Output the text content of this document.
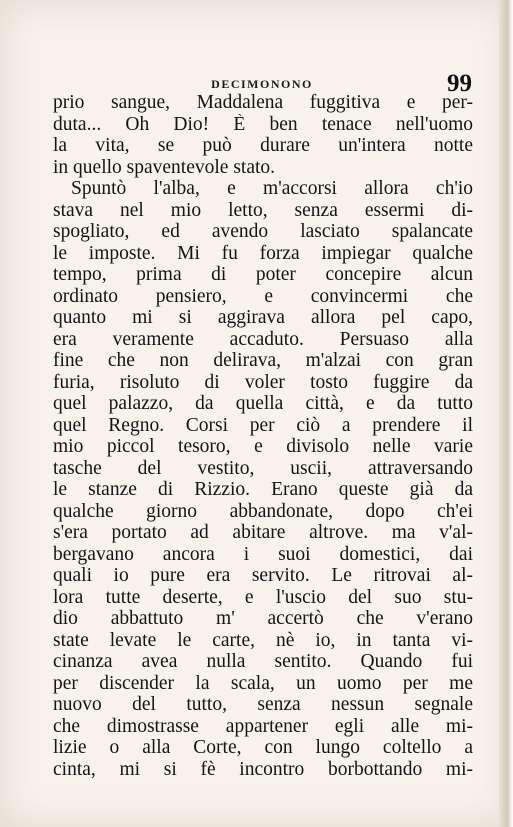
DECIMONONO	99
prio sangue, Maddalena fuggitiva e per-
duta... Oh Dio! È ben tenace nell'uomo
la vita, se può durare un'intera notte
in quello spaventevole stato.
Spuntò l'alba, e m'accorsi allora ch'io
stava nel mio letto, senza essermi di-
spogliato, ed avendo lasciato spalancate
le imposte. Mi fu forza impiegar qualche
tempo, prima di poter concepire alcun
ordinato pensiero, e convincermi che
quanto mi si aggirava allora pel capo,
era veramente accaduto. Persuaso alla
fine che non delirava, m'alzai con gran
furia, risoluto di voler tosto fuggire da
quel palazzo, da quella città, e da tutto
quel Regno. Corsi per ciò a prendere il
mio piccol tesoro, e divisolo nelle varie
tasche del vestito, uscii, attraversando
le stanze di Rizzio. Erano queste già da
qualche giorno abbandonate, dopo ch'ei
s'era portato ad abitare altrove. ma v'al-
bergavano ancora i suoi domestici, dai
quali io pure era servito. Le ritrovai al-
lora tutte deserte, e l'uscio del suo stu-
dio abbattuto m' accertò che v'erano
state levate le carte, nè io, in tanta vi-
cinanza avea nulla sentito. Quando fui
per discender la scala, un uomo per me
nuovo del tutto, senza nessun segnale
che dimostrasse appartener egli alle mi-
lizie o alla Corte, con lungo coltello a
cinta, mi si fè incontro borbottando mi-
